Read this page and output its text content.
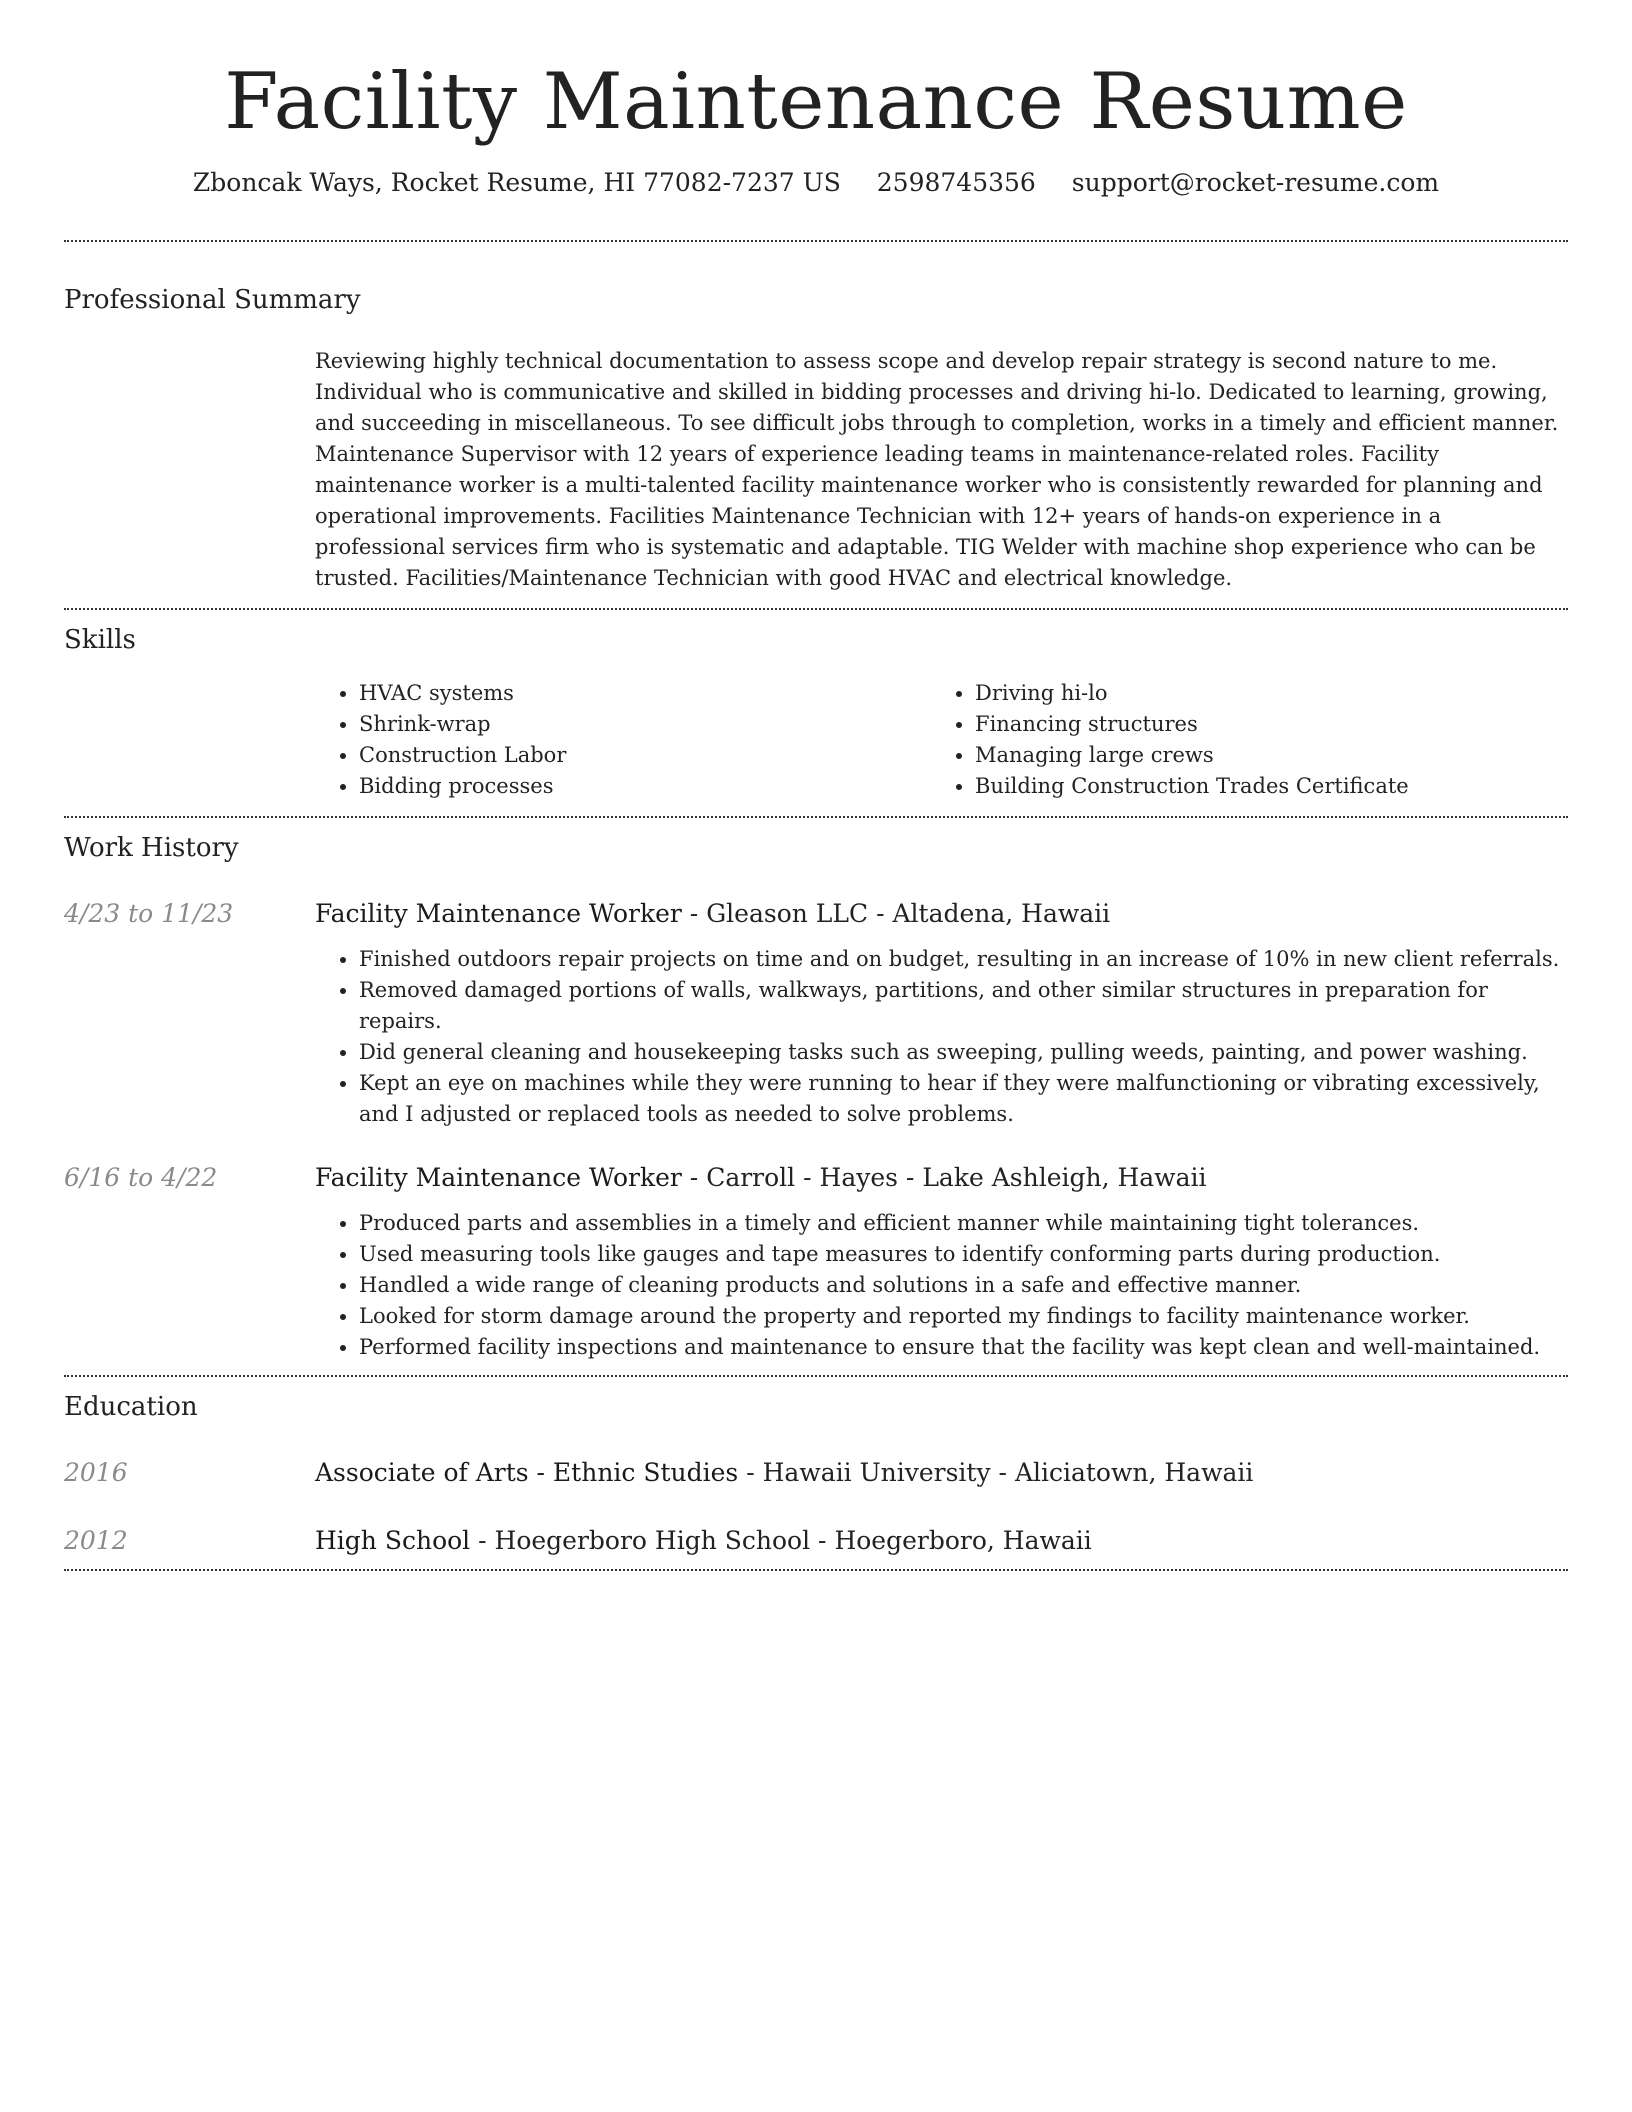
Facility Maintenance Resume
Zboncak Ways, Rocket Resume, HI 77082-7237 US 2598745356 support@rocket-resume.com
Professional Summary

Reviewing highly technical documentation to assess scope and develop repair strategy is second nature to me. Individual who is communicative and skilled in bidding processes and driving hi-lo. Dedicated to learning, growing, and succeeding in miscellaneous. To see difficult jobs through to completion, works in a timely and efficient manner. Maintenance Supervisor with 12 years of experience leading teams in maintenance-related roles. Facility maintenance worker is a multi-talented facility maintenance worker who is consistently rewarded for planning and operational improvements. Facilities Maintenance Technician with 12+ years of hands-on experience in a professional services firm who is systematic and adaptable. TIG Welder with machine shop experience who can be trusted. Facilities/Maintenance Technician with good HVAC and electrical knowledge.

Skills
• HVAC systems
• Shrink-wrap
• Construction Labor
• Bidding processes
• Driving hi-lo
• Financing structures
• Managing large crews
• Building Construction Trades Certificate
Work History
4/23 to 11/23	Facility Maintenance Worker - Gleason LLC - Altadena, Hawaii
• Finished outdoors repair projects on time and on budget, resulting in an increase of 10% in new client referrals.
• Removed damaged portions of walls, walkways, partitions, and other similar structures in preparation for repairs.
• Did general cleaning and housekeeping tasks such as sweeping, pulling weeds, painting, and power washing.
• Kept an eye on machines while they were running to hear if they were malfunctioning or vibrating excessively, and I adjusted or replaced tools as needed to solve problems.
6/16 to 4/22	Facility Maintenance Worker - Carroll - Hayes - Lake Ashleigh, Hawaii
• Produced parts and assemblies in a timely and efficient manner while maintaining tight tolerances.
• Used measuring tools like gauges and tape measures to identify conforming parts during production.
• Handled a wide range of cleaning products and solutions in a safe and effective manner.
• Looked for storm damage around the property and reported my findings to facility maintenance worker.
• Performed facility inspections and maintenance to ensure that the facility was kept clean and well-maintained.
Education
2016	Associate of Arts - Ethnic Studies - Hawaii University - Aliciatown, Hawaii
2012	High School - Hoegerboro High School - Hoegerboro, Hawaii
